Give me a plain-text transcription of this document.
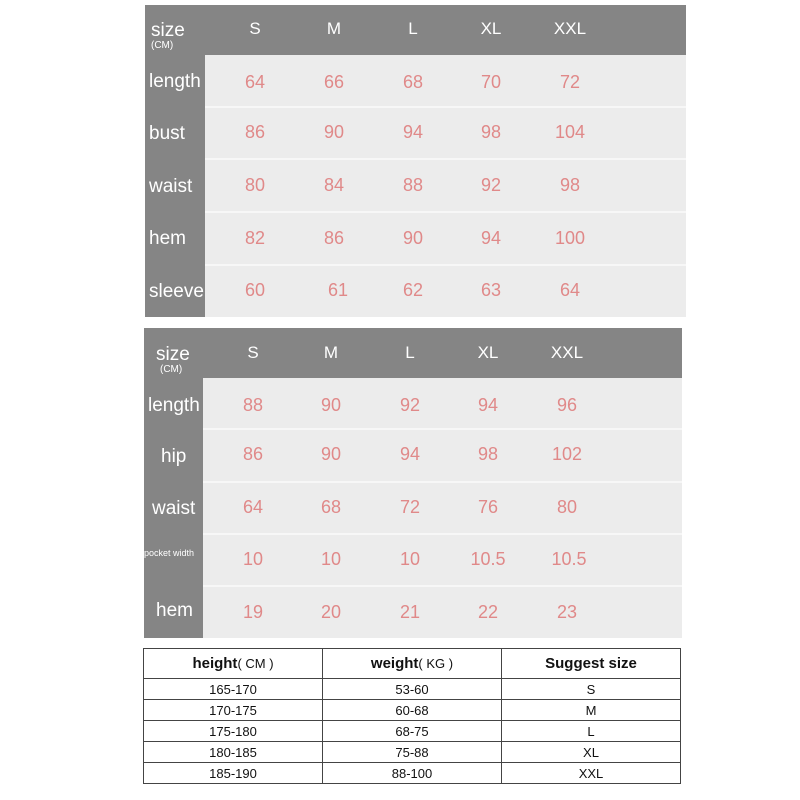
size
(CM)
S	M	L	XL	XXL
length	64	66	68	70	72
bust	86	90	94	98	104
waist	80	84	88	92	98
hem	82	86	90	94	100
sleeve	60	61	62	63	64
size
(CM)
S	M	L	XL	XXL
length	88	90	92	94	96
hip	86	90	94	98	102
waist	64	68	72	76	80
pocket width	10	10	10	10.5	10.5
hem	19	20	21	22	23
height( CM )	weight( KG )	Suggest size
165-170	53-60	S
170-175	60-68	M
175-180	68-75	L
180-185	75-88	XL
185-190	88-100	XXL
